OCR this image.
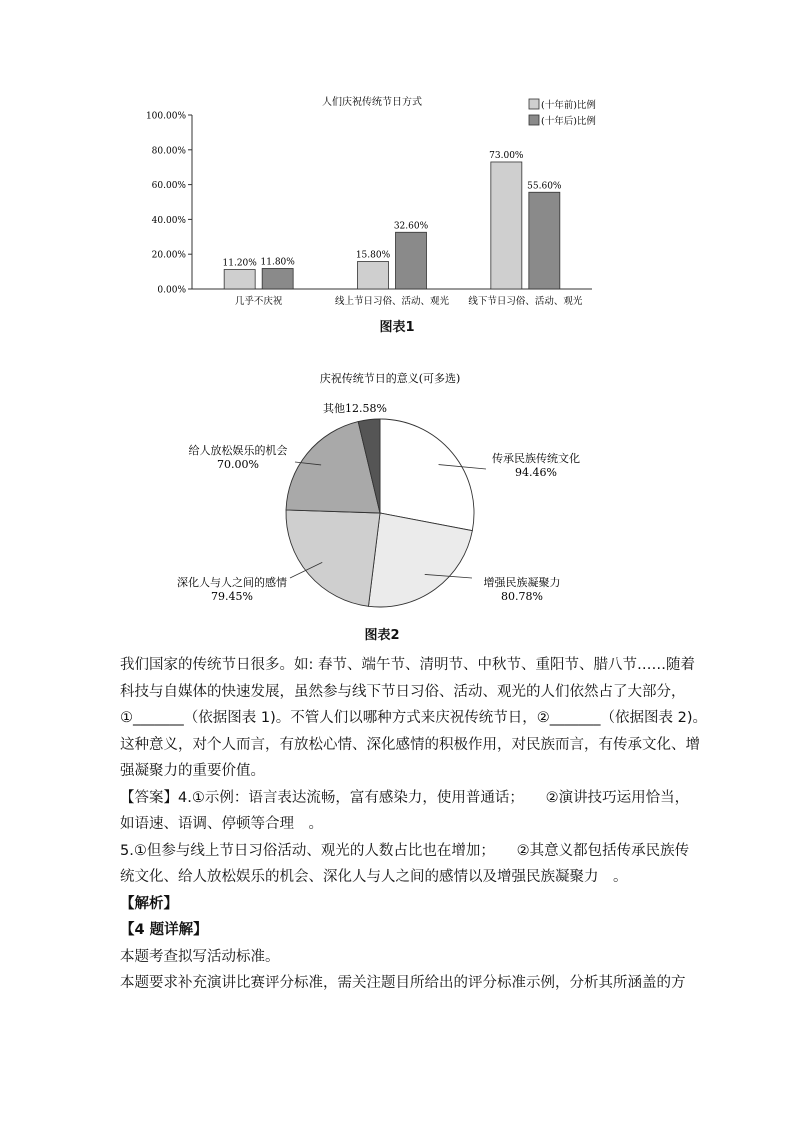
人们庆祝传统节日方式
0.00%
20.00%
40.00%
60.00%
80.00%
100.00%
11.20% 11.80%
几乎不庆祝
15.80%
32.60%
线上节日习俗、活动、观光
73.00%
55.60%
线下节日习俗、活动、观光
(十年前)比例
(十年后)比例
图表1
庆祝传统节日的意义(可多选)
传承民族传统文化
94.46%
增强民族凝聚力
80.78%
深化人与人之间的感情
79.45%
给人放松娱乐的机会
70.00%
其他12.58%
图表2
我们国家的传统节日很多。如: 春节、端午节、清明节、中秋节、重阳节、腊八节……随着
科技与自媒体的快速发展，虽然参与线下节日习俗、活动、观光的人们依然占了大部分，
①_______（依据图表 1)。不管人们以哪种方式来庆祝传统节日，②_______（依据图表 2)。
这种意义，对个人而言，有放松心情、深化感情的积极作用，对民族而言，有传承文化、增
强凝聚力的重要价值。
【答案】4.①示例：语言表达流畅，富有感染力，使用普通话；　　②演讲技巧运用恰当，
如语速、语调、停顿等合理　。
5.①但参与线上节日习俗活动、观光的人数占比也在增加；　　②其意义都包括传承民族传
统文化、给人放松娱乐的机会、深化人与人之间的感情以及增强民族凝聚力　。
【解析】
【4 题详解】
本题考查拟写活动标准。
本题要求补充演讲比赛评分标准，需关注题目所给出的评分标准示例，分析其所涵盖的方
